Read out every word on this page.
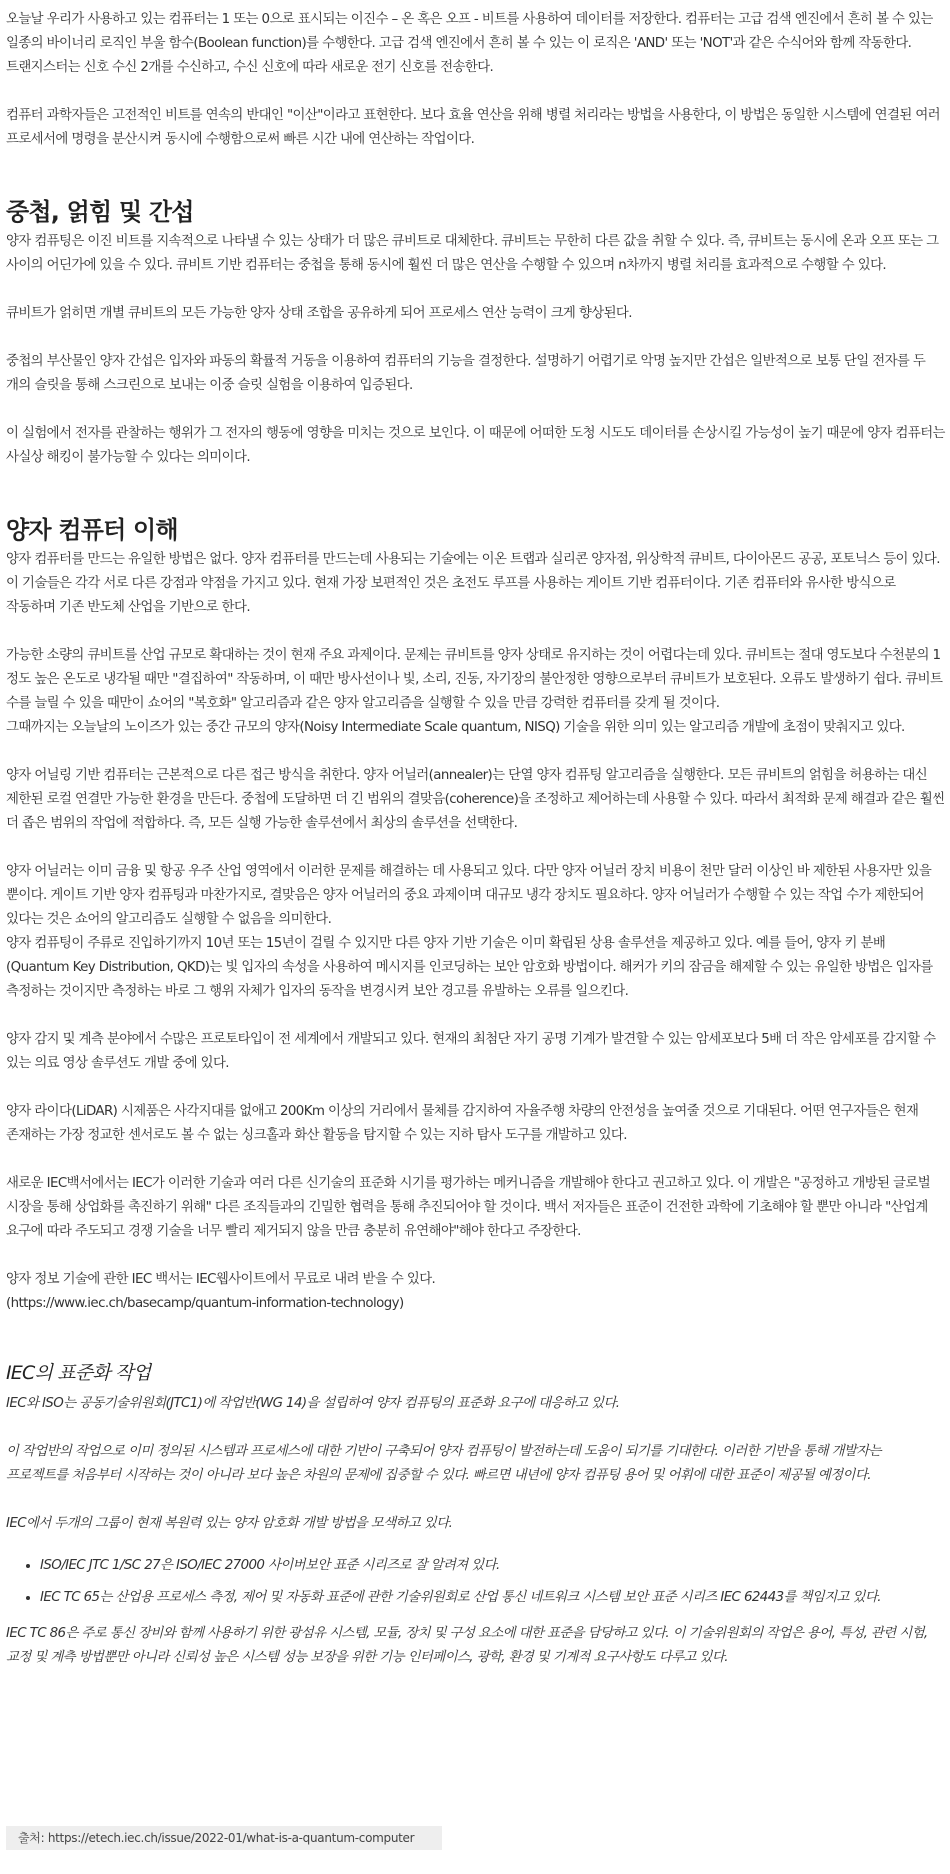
오늘날 우리가 사용하고 있는 컴퓨터는 1 또는 0으로 표시되는 이진수 – 온 혹은 오프 - 비트를 사용하여 데이터를 저장한다. 컴퓨터는 고급 검색 엔진에서 흔히 볼 수 있는 일종의 바이너리 로직인 부울 함수(Boolean function)를 수행한다. 고급 검색 엔진에서 흔히 볼 수 있는 이 로직은 'AND' 또는 'NOT'과 같은 수식어와 함께 작동한다. 트랜지스터는 신호 수신 2개를 수신하고, 수신 신호에 따라 새로운 전기 신호를 전송한다.

컴퓨터 과학자들은 고전적인 비트를 연속의 반대인 "이산"이라고 표현한다. 보다 효율 연산을 위해 병렬 처리라는 방법을 사용한다, 이 방법은 동일한 시스템에 연결된 여러 프로세서에 명령을 분산시켜 동시에 수행함으로써 빠른 시간 내에 연산하는 작업이다.

중첩, 얽힘 및 간섭

양자 컴퓨팅은 이진 비트를 지속적으로 나타낼 수 있는 상태가 더 많은 큐비트로 대체한다. 큐비트는 무한히 다른 값을 취할 수 있다. 즉, 큐비트는 동시에 온과 오프 또는 그 사이의 어딘가에 있을 수 있다. 큐비트 기반 컴퓨터는 중첩을 통해 동시에 훨씬 더 많은 연산을 수행할 수 있으며 n차까지 병렬 처리를 효과적으로 수행할 수 있다.

큐비트가 얽히면 개별 큐비트의 모든 가능한 양자 상태 조합을 공유하게 되어 프로세스 연산 능력이 크게 향상된다.

중첩의 부산물인 양자 간섭은 입자와 파동의 확률적 거동을 이용하여 컴퓨터의 기능을 결정한다. 설명하기 어렵기로 악명 높지만 간섭은 일반적으로 보통 단일 전자를 두 개의 슬릿을 통해 스크린으로 보내는 이중 슬릿 실험을 이용하여 입증된다.

이 실험에서 전자를 관찰하는 행위가 그 전자의 행동에 영향을 미치는 것으로 보인다. 이 때문에 어떠한 도청 시도도 데이터를 손상시킬 가능성이 높기 때문에 양자 컴퓨터는 사실상 해킹이 불가능할 수 있다는 의미이다.

양자 컴퓨터 이해

양자 컴퓨터를 만드는 유일한 방법은 없다. 양자 컴퓨터를 만드는데 사용되는 기술에는 이온 트랩과 실리콘 양자점, 위상학적 큐비트, 다이아몬드 공공, 포토닉스 등이 있다. 이 기술들은 각각 서로 다른 강점과 약점을 가지고 있다. 현재 가장 보편적인 것은 초전도 루프를 사용하는 게이트 기반 컴퓨터이다. 기존 컴퓨터와 유사한 방식으로 작동하며 기존 반도체 산업을 기반으로 한다.

가능한 소량의 큐비트를 산업 규모로 확대하는 것이 현재 주요 과제이다. 문제는 큐비트를 양자 상태로 유지하는 것이 어렵다는데 있다. 큐비트는 절대 영도보다 수천분의 1 정도 높은 온도로 냉각될 때만 "결집하여" 작동하며, 이 때만 방사선이나 빛, 소리, 진동, 자기장의 불안정한 영향으로부터 큐비트가 보호된다. 오류도 발생하기 쉽다. 큐비트 수를 늘릴 수 있을 때만이 쇼어의 "복호화" 알고리즘과 같은 양자 알고리즘을 실행할 수 있을 만큼 강력한 컴퓨터를 갖게 될 것이다.

그때까지는 오늘날의 노이즈가 있는 중간 규모의 양자(Noisy Intermediate Scale quantum, NISQ) 기술을 위한 의미 있는 알고리즘 개발에 초점이 맞춰지고 있다.

양자 어닐링 기반 컴퓨터는 근본적으로 다른 접근 방식을 취한다. 양자 어닐러(annealer)는 단열 양자 컴퓨팅 알고리즘을 실행한다. 모든 큐비트의 얽힘을 허용하는 대신 제한된 로컬 연결만 가능한 환경을 만든다. 중첩에 도달하면 더 긴 범위의 결맞음(coherence)을 조정하고 제어하는데 사용할 수 있다. 따라서 최적화 문제 해결과 같은 훨씬 더 좁은 범위의 작업에 적합하다. 즉, 모든 실행 가능한 솔루션에서 최상의 솔루션을 선택한다.

양자 어닐러는 이미 금융 및 항공 우주 산업 영역에서 이러한 문제를 해결하는 데 사용되고 있다. 다만 양자 어닐러 장치 비용이 천만 달러 이상인 바 제한된 사용자만 있을 뿐이다. 게이트 기반 양자 컴퓨팅과 마찬가지로, 결맞음은 양자 어닐러의 중요 과제이며 대규모 냉각 장치도 필요하다. 양자 어닐러가 수행할 수 있는 작업 수가 제한되어 있다는 것은 쇼어의 알고리즘도 실행할 수 없음을 의미한다.

양자 컴퓨팅이 주류로 진입하기까지 10년 또는 15년이 걸릴 수 있지만 다른 양자 기반 기술은 이미 확립된 상용 솔루션을 제공하고 있다. 예를 들어, 양자 키 분배(Quantum Key Distribution, QKD)는 빛 입자의 속성을 사용하여 메시지를 인코딩하는 보안 암호화 방법이다. 해커가 키의 잠금을 해제할 수 있는 유일한 방법은 입자를 측정하는 것이지만 측정하는 바로 그 행위 자체가 입자의 동작을 변경시켜 보안 경고를 유발하는 오류를 일으킨다.

양자 감지 및 계측 분야에서 수많은 프로토타입이 전 세계에서 개발되고 있다. 현재의 최첨단 자기 공명 기계가 발견할 수 있는 암세포보다 5배 더 작은 암세포를 감지할 수 있는 의료 영상 솔루션도 개발 중에 있다.

양자 라이다(LiDAR) 시제품은 사각지대를 없애고 200Km 이상의 거리에서 물체를 감지하여 자율주행 차량의 안전성을 높여줄 것으로 기대된다. 어떤 연구자들은 현재 존재하는 가장 정교한 센서로도 볼 수 없는 싱크홀과 화산 활동을 탐지할 수 있는 지하 탐사 도구를 개발하고 있다.

새로운 IEC백서에서는 IEC가 이러한 기술과 여러 다른 신기술의 표준화 시기를 평가하는 메커니즘을 개발해야 한다고 권고하고 있다. 이 개발은 "공정하고 개방된 글로벌 시장을 통해 상업화를 촉진하기 위해" 다른 조직들과의 긴밀한 협력을 통해 추진되어야 할 것이다. 백서 저자들은 표준이 건전한 과학에 기초해야 할 뿐만 아니라 "산업계 요구에 따라 주도되고 경쟁 기술을 너무 빨리 제거되지 않을 만큼 충분히 유연해야"해야 한다고 주장한다.

양자 정보 기술에 관한 IEC 백서는 IEC웹사이트에서 무료로 내려 받을 수 있다.

(https://www.iec.ch/basecamp/quantum-information-technology)

IEC의 표준화 작업

IEC와 ISO는 공동기술위원회(JTC1)에 작업반(WG 14)을 설립하여 양자 컴퓨팅의 표준화 요구에 대응하고 있다.

이 작업반의 작업으로 이미 정의된 시스템과 프로세스에 대한 기반이 구축되어 양자 컴퓨팅이 발전하는데 도움이 되기를 기대한다. 이러한 기반을 통해 개발자는 프로젝트를 처음부터 시작하는 것이 아니라 보다 높은 차원의 문제에 집중할 수 있다. 빠르면 내년에 양자 컴퓨팅 용어 및 어휘에 대한 표준이 제공될 예정이다.

IEC에서 두개의 그룹이 현재 복원력 있는 양자 암호화 개발 방법을 모색하고 있다.

• ISO/IEC JTC 1/SC 27은 ISO/IEC 27000 사이버보안 표준 시리즈로 잘 알려져 있다.
• IEC TC 65는 산업용 프로세스 측정, 제어 및 자동화 표준에 관한 기술위원회로 산업 통신 네트워크 시스템 보안 표준 시리즈 IEC 62443를 책임지고 있다.

IEC TC 86은 주로 통신 장비와 함께 사용하기 위한 광섬유 시스템, 모듈, 장치 및 구성 요소에 대한 표준을 담당하고 있다. 이 기술위원회의 작업은 용어, 특성, 관련 시험, 교정 및 계측 방법뿐만 아니라 신뢰성 높은 시스템 성능 보장을 위한 기능 인터페이스, 광학, 환경 및 기계적 요구사항도 다루고 있다.

출처: https://etech.iec.ch/issue/2022-01/what-is-a-quantum-computer
